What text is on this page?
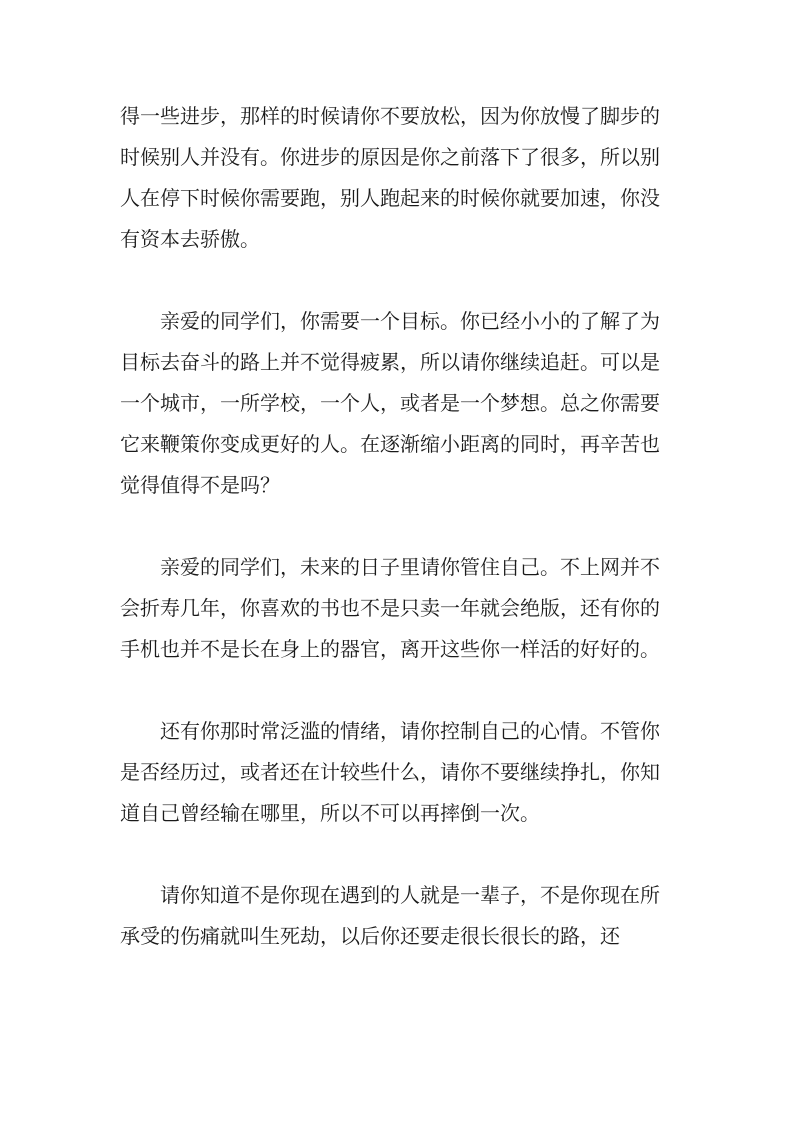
得一些进步，那样的时候请你不要放松，因为你放慢了脚步的时候别人并没有。你进步的原因是你之前落下了很多，所以别人在停下时候你需要跑，别人跑起来的时候你就要加速，你没有资本去骄傲。

亲爱的同学们，你需要一个目标。你已经小小的了解了为目标去奋斗的路上并不觉得疲累，所以请你继续追赶。可以是一个城市，一所学校，一个人，或者是一个梦想。总之你需要它来鞭策你变成更好的人。在逐渐缩小距离的同时，再辛苦也觉得值得不是吗？

亲爱的同学们，未来的日子里请你管住自己。不上网并不会折寿几年，你喜欢的书也不是只卖一年就会绝版，还有你的手机也并不是长在身上的器官，离开这些你一样活的好好的。

还有你那时常泛滥的情绪，请你控制自己的心情。不管你是否经历过，或者还在计较些什么，请你不要继续挣扎，你知道自己曾经输在哪里，所以不可以再摔倒一次。

请你知道不是你现在遇到的人就是一辈子，不是你现在所承受的伤痛就叫生死劫，以后你还要走很长很长的路，还
